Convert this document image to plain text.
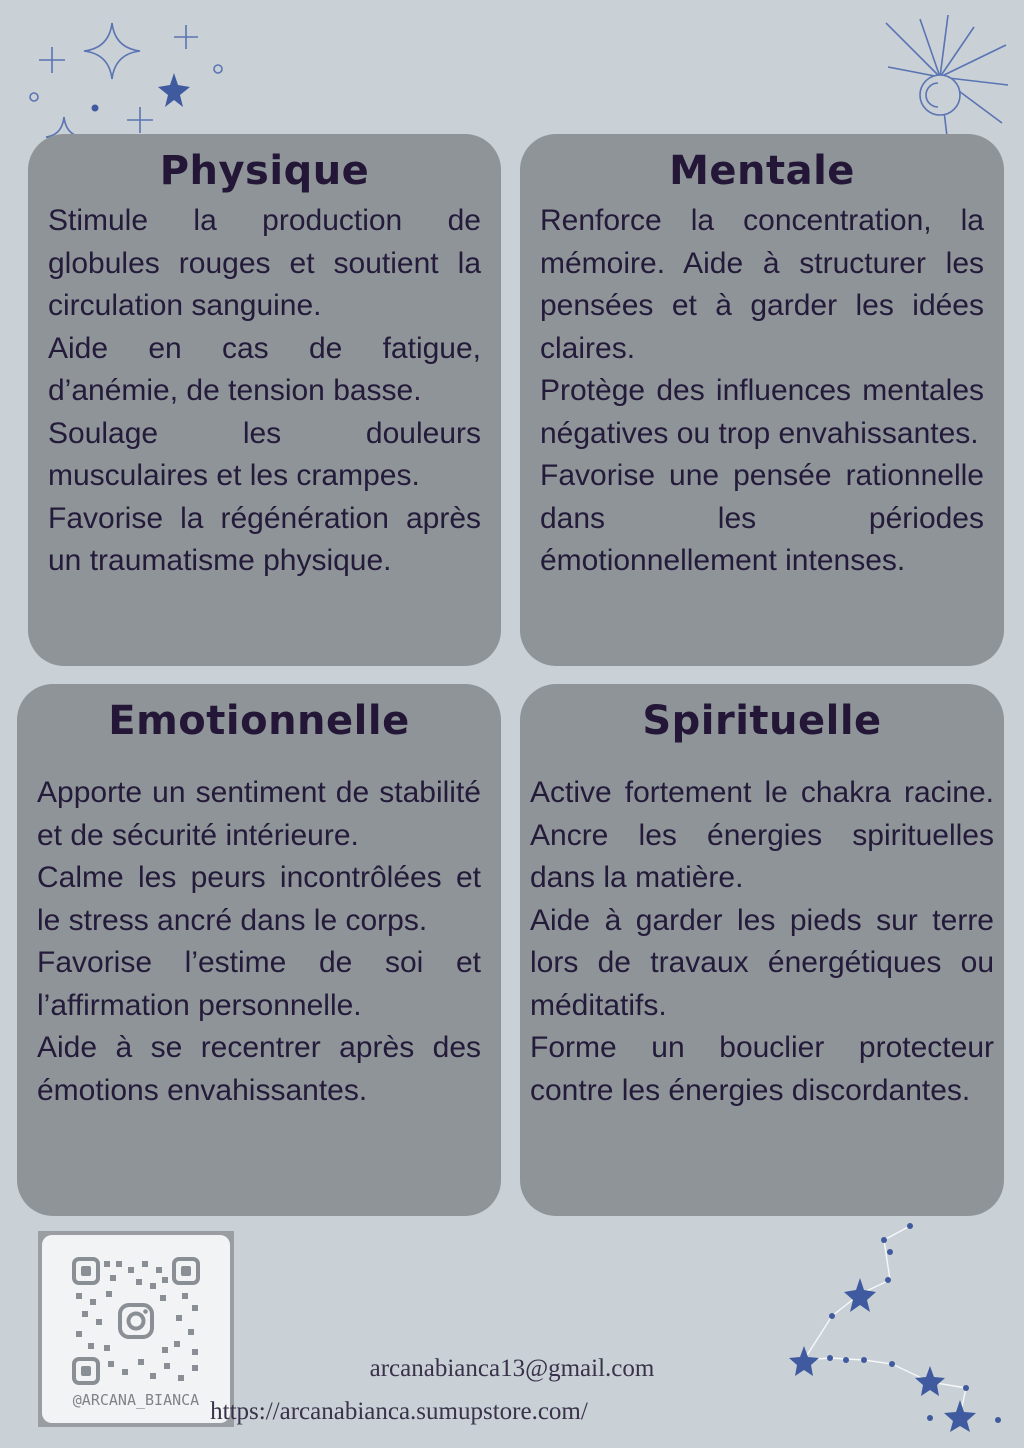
Physique

Stimule la production de globules rouges et soutient la circulation sanguine.

Aide en cas de fatigue, d’anémie, de tension basse.

Soulage les douleurs musculaires et les crampes.

Favorise la régénération après un traumatisme physique.

Mentale

Renforce la concentration, la mémoire. Aide à structurer les pensées et à garder les idées claires.

Protège des influences mentales négatives ou trop envahissantes.

Favorise une pensée rationnelle dans les périodes émotionnellement intenses.

Emotionnelle

Apporte un sentiment de stabilité et de sécurité intérieure.

Calme les peurs incontrôlées et le stress ancré dans le corps.

Favorise l’estime de soi et l’affirmation personnelle.

Aide à se recentrer après des émotions envahissantes.

Spirituelle

Active fortement le chakra racine. Ancre les énergies spirituelles dans la matière.

Aide à garder les pieds sur terre lors de travaux énergétiques ou méditatifs.

Forme un bouclier protecteur contre les énergies discordantes.

@ARCANA_BIANCA
arcanabianca13@gmail.com
https://arcanabianca.sumupstore.com/
